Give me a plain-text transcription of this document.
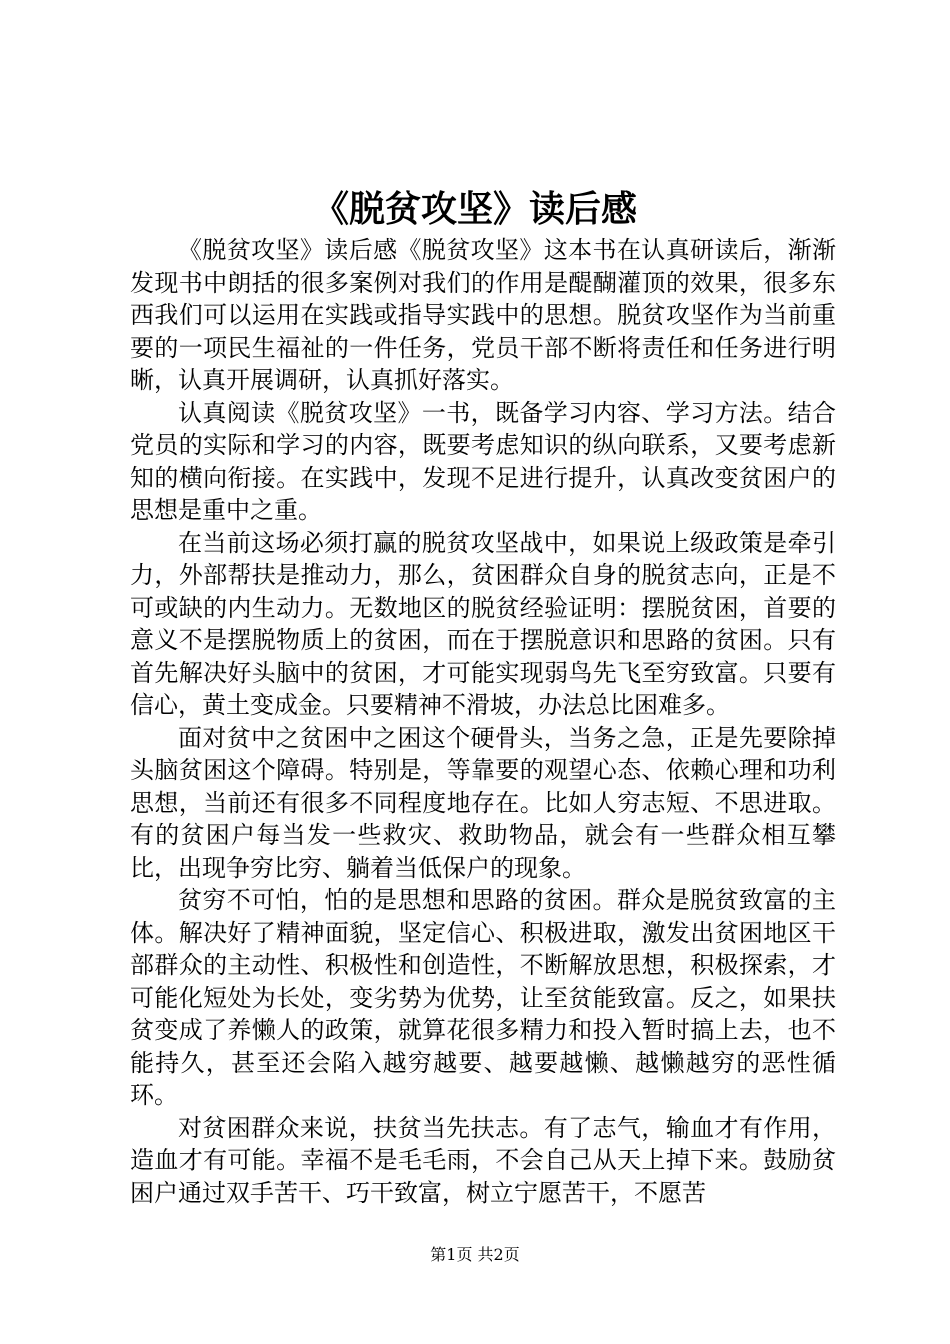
《脱贫攻坚》读后感

《脱贫攻坚》读后感《脱贫攻坚》这本书在认真研读后，渐渐发现书中朗括的很多案例对我们的作用是醍醐灌顶的效果，很多东西我们可以运用在实践或指导实践中的思想。脱贫攻坚作为当前重要的一项民生福祉的一件任务，党员干部不断将责任和任务进行明晰，认真开展调研，认真抓好落实。

认真阅读《脱贫攻坚》一书，既备学习内容、学习方法。结合党员的实际和学习的内容，既要考虑知识的纵向联系，又要考虑新知的横向衔接。在实践中，发现不足进行提升，认真改变贫困户的思想是重中之重。

在当前这场必须打赢的脱贫攻坚战中，如果说上级政策是牵引力，外部帮扶是推动力，那么，贫困群众自身的脱贫志向，正是不可或缺的内生动力。无数地区的脱贫经验证明：摆脱贫困，首要的意义不是摆脱物质上的贫困，而在于摆脱意识和思路的贫困。只有首先解决好头脑中的贫困，才可能实现弱鸟先飞至穷致富。只要有信心，黄土变成金。只要精神不滑坡，办法总比困难多。

面对贫中之贫困中之困这个硬骨头，当务之急，正是先要除掉头脑贫困这个障碍。特别是，等靠要的观望心态、依赖心理和功利思想，当前还有很多不同程度地存在。比如人穷志短、不思进取。有的贫困户每当发一些救灾、救助物品，就会有一些群众相互攀比，出现争穷比穷、躺着当低保户的现象。

贫穷不可怕，怕的是思想和思路的贫困。群众是脱贫致富的主体。解决好了精神面貌，坚定信心、积极进取，激发出贫困地区干部群众的主动性、积极性和创造性，不断解放思想，积极探索，才可能化短处为长处，变劣势为优势，让至贫能致富。反之，如果扶贫变成了养懒人的政策，就算花很多精力和投入暂时搞上去，也不能持久，甚至还会陷入越穷越要、越要越懒、越懒越穷的恶性循环。

对贫困群众来说，扶贫当先扶志。有了志气，输血才有作用，造血才有可能。幸福不是毛毛雨，不会自己从天上掉下来。鼓励贫困户通过双手苦干、巧干致富，树立宁愿苦干，不愿苦

第1页 共2页
